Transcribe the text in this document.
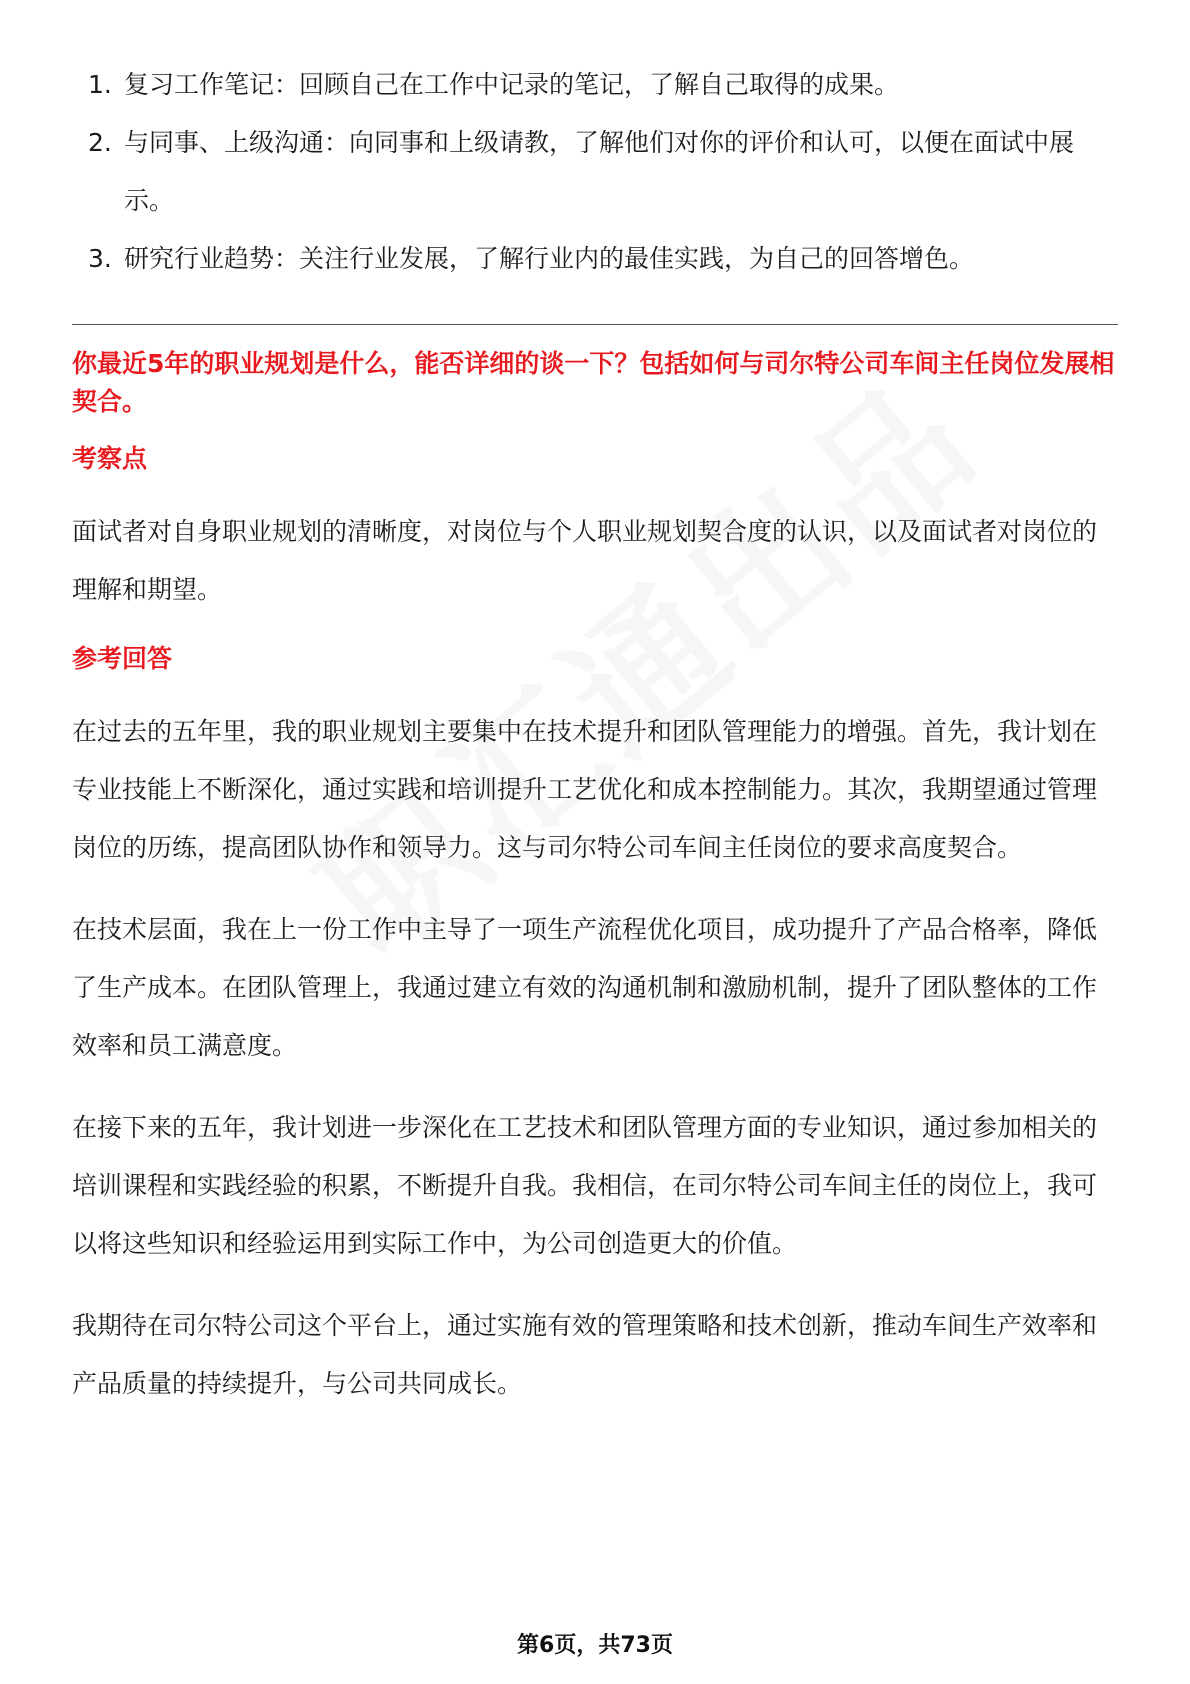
1. 复习工作笔记：回顾自己在工作中记录的笔记，了解自己取得的成果。
2. 与同事、上级沟通：向同事和上级请教，了解他们对你的评价和认可，以便在面试中展示。
3. 研究行业趋势：关注行业发展，了解行业内的最佳实践，为自己的回答增色。
你最近5年的职业规划是什么，能否详细的谈一下？包括如何与司尔特公司车间主任岗位发展相契合。
考察点

面试者对自身职业规划的清晰度，对岗位与个人职业规划契合度的认识，以及面试者对岗位的理解和期望。

参考回答

在过去的五年里，我的职业规划主要集中在技术提升和团队管理能力的增强。首先，我计划在专业技能上不断深化，通过实践和培训提升工艺优化和成本控制能力。其次，我期望通过管理岗位的历练，提高团队协作和领导力。这与司尔特公司车间主任岗位的要求高度契合。

在技术层面，我在上一份工作中主导了一项生产流程优化项目，成功提升了产品合格率，降低了生产成本。在团队管理上，我通过建立有效的沟通机制和激励机制，提升了团队整体的工作效率和员工满意度。

在接下来的五年，我计划进一步深化在工艺技术和团队管理方面的专业知识，通过参加相关的培训课程和实践经验的积累，不断提升自我。我相信，在司尔特公司车间主任的岗位上，我可以将这些知识和经验运用到实际工作中，为公司创造更大的价值。

我期待在司尔特公司这个平台上，通过实施有效的管理策略和技术创新，推动车间生产效率和产品质量的持续提升，与公司共同成长。

第6页，共73页
